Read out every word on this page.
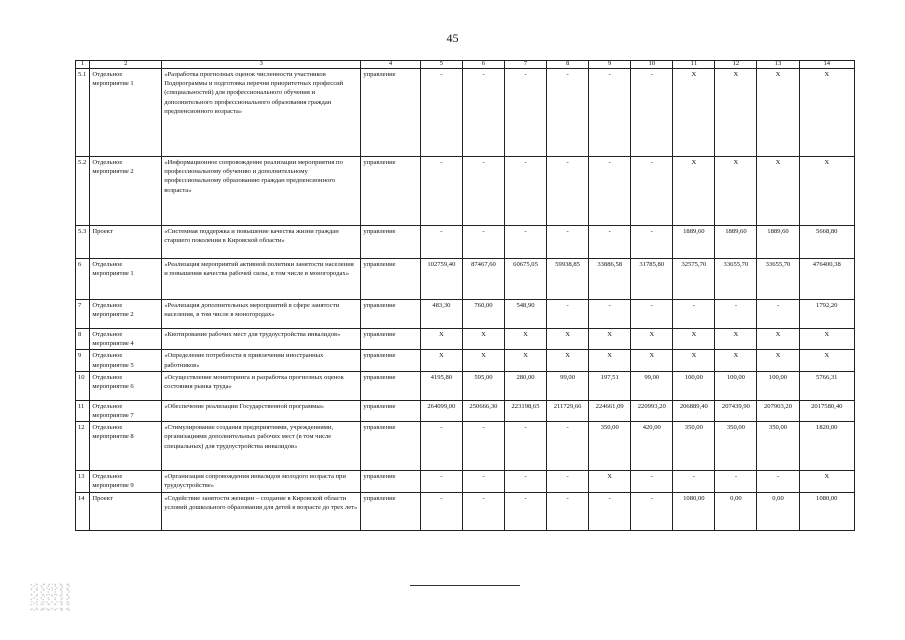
45
1	2	3	4	5	6	7	8	9	10	11	12	13	14
5.1	Отдельное мероприятие 1	«Разработка прогнозных оценок численности участников Подпрограммы и подготовка перечня приоритетных профессий (специальностей) для профессионального обучения и дополнительного профессионального образования граждан предпенсионного возраста»	управление	-	-	-	-	-	-	X	X	X	X
5.2	Отдельное мероприятие 2	«Информационное сопровождение реализации мероприятия по профессиональному обучению и дополнительному профессиональному образованию граждан предпенсионного возраста»	управление	-	-	-	-	-	-	X	X	X	X
5.3	Проект	«Системная поддержка и повышение качества жизни граждан старшего поколения в Кировской области»	управление	-	-	-	-	-	-	1889,60	1889,60	1889,60	5668,80
6	Отдельное мероприятие 1	«Реализация мероприятий активной политики занятости населения и повышения качества рабочей силы, в том числе в моногородах»	управление	102759,40	87467,60	60675,05	59938,85	33886,58	31785,80	32575,70	33655,70	33655,70	476400,38
7	Отдельное мероприятие 2	«Реализация дополнительных мероприятий в сфере занятости населения, в том числе в моногородах»	управление	483,30	760,00	548,90	-	-	-	-	-	-	1792,20
8	Отдельное мероприятие 4	«Квотирование рабочих мест для трудоустройства инвалидов»	управление	X	X	X	X	X	X	X	X	X	X
9	Отдельное мероприятие 5	«Определение потребности в привлечении иностранных работников»	управление	X	X	X	X	X	X	X	X	X	X
10	Отдельное мероприятие 6	«Осуществление мониторинга и разработка прогнозных оценок состояния рынка труда»	управление	4195,80	595,00	280,00	99,00	197,51	99,00	100,00	100,00	100,00	5766,31
11	Отдельное мероприятие 7	«Обеспечение реализации Государственной программы»	управление	264099,00	250666,30	223198,65	211729,66	224661,09	220993,20	206889,40	207439,90	207903,20	2017580,40
12	Отдельное мероприятие 8	«Стимулирование создания предприятиями, учреждениями, организациями дополнительных рабочих мест (в том числе специальных) для трудоустройства инвалидов»	управление	-	-	-	-	350,00	420,00	350,00	350,00	350,00	1820,00
13	Отдельное мероприятие 9	«Организация сопровождения инвалидов молодого возраста при трудоустройстве»	управление	-	-	-	-	X	-	-	-	-	X
14	Проект	«Содействие занятости женщин – создание в Кировской области условий дошкольного образования для детей в возрасте до трех лет»	управление	-	-	-	-	-	-	1080,00	0,00	0,00	1080,00
